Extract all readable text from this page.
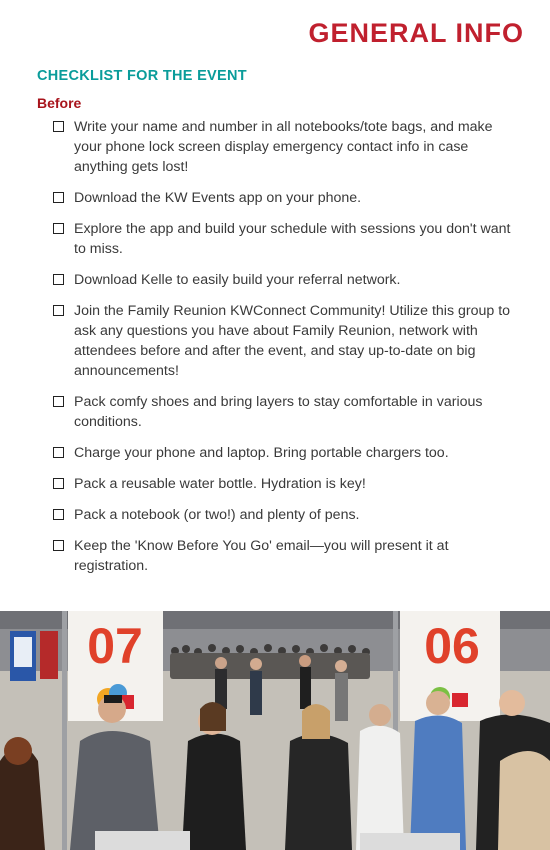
GENERAL INFO
CHECKLIST FOR THE EVENT
Before
Write your name and number in all notebooks/tote bags, and make your phone lock screen display emergency contact info in case anything gets lost!
Download the KW Events app on your phone.
Explore the app and build your schedule with sessions you don't want to miss.
Download Kelle to easily build your referral network.
Join the Family Reunion KWConnect Community! Utilize this group to ask any questions you have about Family Reunion, network with attendees before and after the event, and stay up-to-date on big announcements!
Pack comfy shoes and bring layers to stay comfortable in various conditions.
Charge your phone and laptop. Bring portable chargers too.
Pack a reusable water bottle. Hydration is key!
Pack a notebook (or two!) and plenty of pens.
Keep the 'Know Before You Go' email—you will present it at registration.
07	06
